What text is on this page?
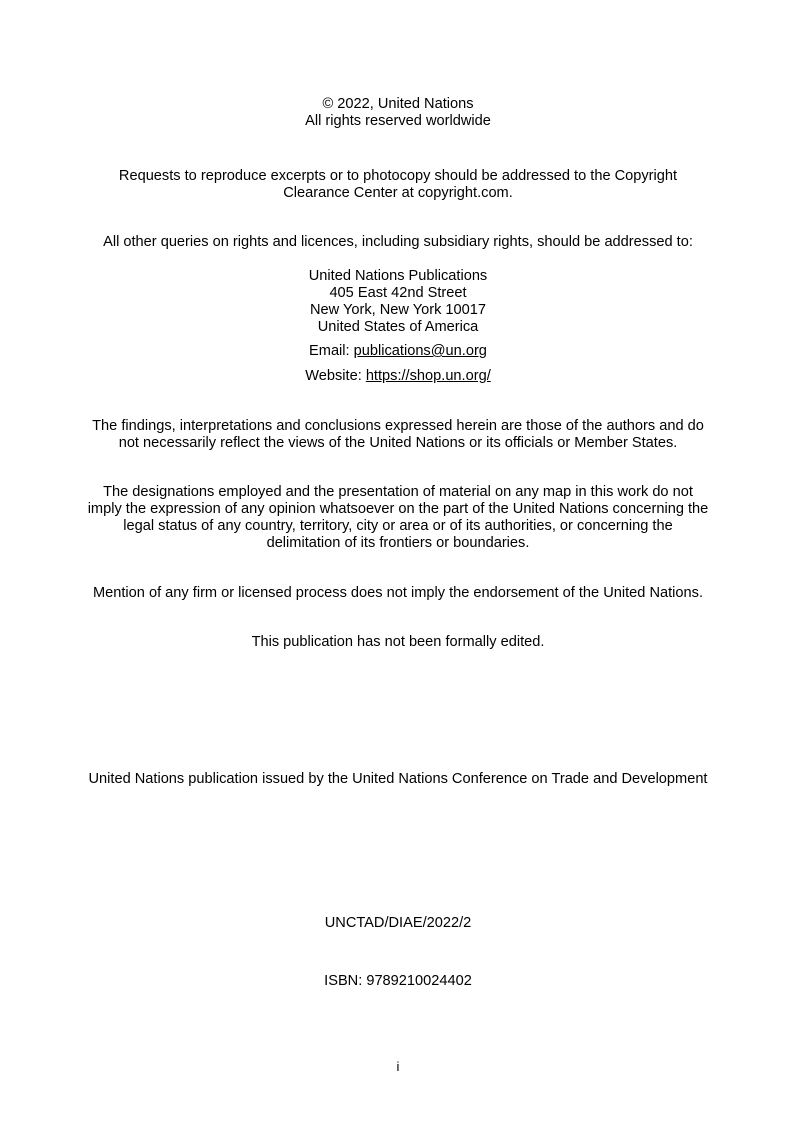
© 2022, United Nations
All rights reserved worldwide
Requests to reproduce excerpts or to photocopy should be addressed to the Copyright
Clearance Center at copyright.com.
All other queries on rights and licences, including subsidiary rights, should be addressed to:
United Nations Publications
405 East 42nd Street
New York, New York 10017
United States of America
Email: publications@un.org
Website: https://shop.un.org/
The findings, interpretations and conclusions expressed herein are those of the authors and do
not necessarily reflect the views of the United Nations or its officials or Member States.
The designations employed and the presentation of material on any map in this work do not
imply the expression of any opinion whatsoever on the part of the United Nations concerning the
legal status of any country, territory, city or area or of its authorities, or concerning the
delimitation of its frontiers or boundaries.
Mention of any firm or licensed process does not imply the endorsement of the United Nations.
This publication has not been formally edited.
United Nations publication issued by the United Nations Conference on Trade and Development
UNCTAD/DIAE/2022/2
ISBN: 9789210024402
i
